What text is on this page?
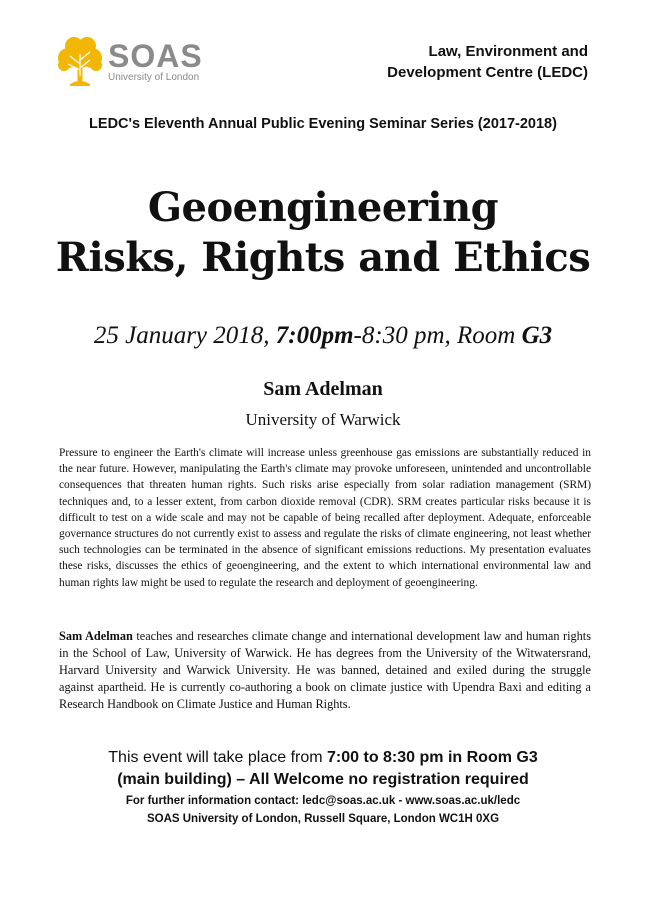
SOAS
University of London
Law, Environment and
Development Centre (LEDC)
LEDC's Eleventh Annual Public Evening Seminar Series (2017-2018)
Geoengineering
Risks, Rights and Ethics
25 January 2018, 7:00pm-8:30 pm, Room G3
Sam Adelman
University of Warwick
Pressure to engineer the Earth's climate will increase unless greenhouse gas emissions are substantially reduced in the near future. However, manipulating the Earth's climate may provoke unforeseen, unintended and uncontrollable consequences that threaten human rights. Such risks arise especially from solar radiation management (SRM) techniques and, to a lesser extent, from carbon dioxide removal (CDR). SRM creates particular risks because it is difficult to test on a wide scale and may not be capable of being recalled after deployment. Adequate, enforceable governance structures do not currently exist to assess and regulate the risks of climate engineering, not least whether such technologies can be terminated in the absence of significant emissions reductions. My presentation evaluates these risks, discusses the ethics of geoengineering, and the extent to which international environmental law and human rights law might be used to regulate the research and deployment of geoengineering.
Sam Adelman teaches and researches climate change and international development law and human rights in the School of Law, University of Warwick. He has degrees from the University of the Witwatersrand, Harvard University and Warwick University. He was banned, detained and exiled during the struggle against apartheid. He is currently co-authoring a book on climate justice with Upendra Baxi and editing a Research Handbook on Climate Justice and Human Rights.
This event will take place from 7:00 to 8:30 pm in Room G3
(main building) – All Welcome no registration required
For further information contact: ledc@soas.ac.uk - www.soas.ac.uk/ledc
SOAS University of London, Russell Square, London WC1H 0XG
